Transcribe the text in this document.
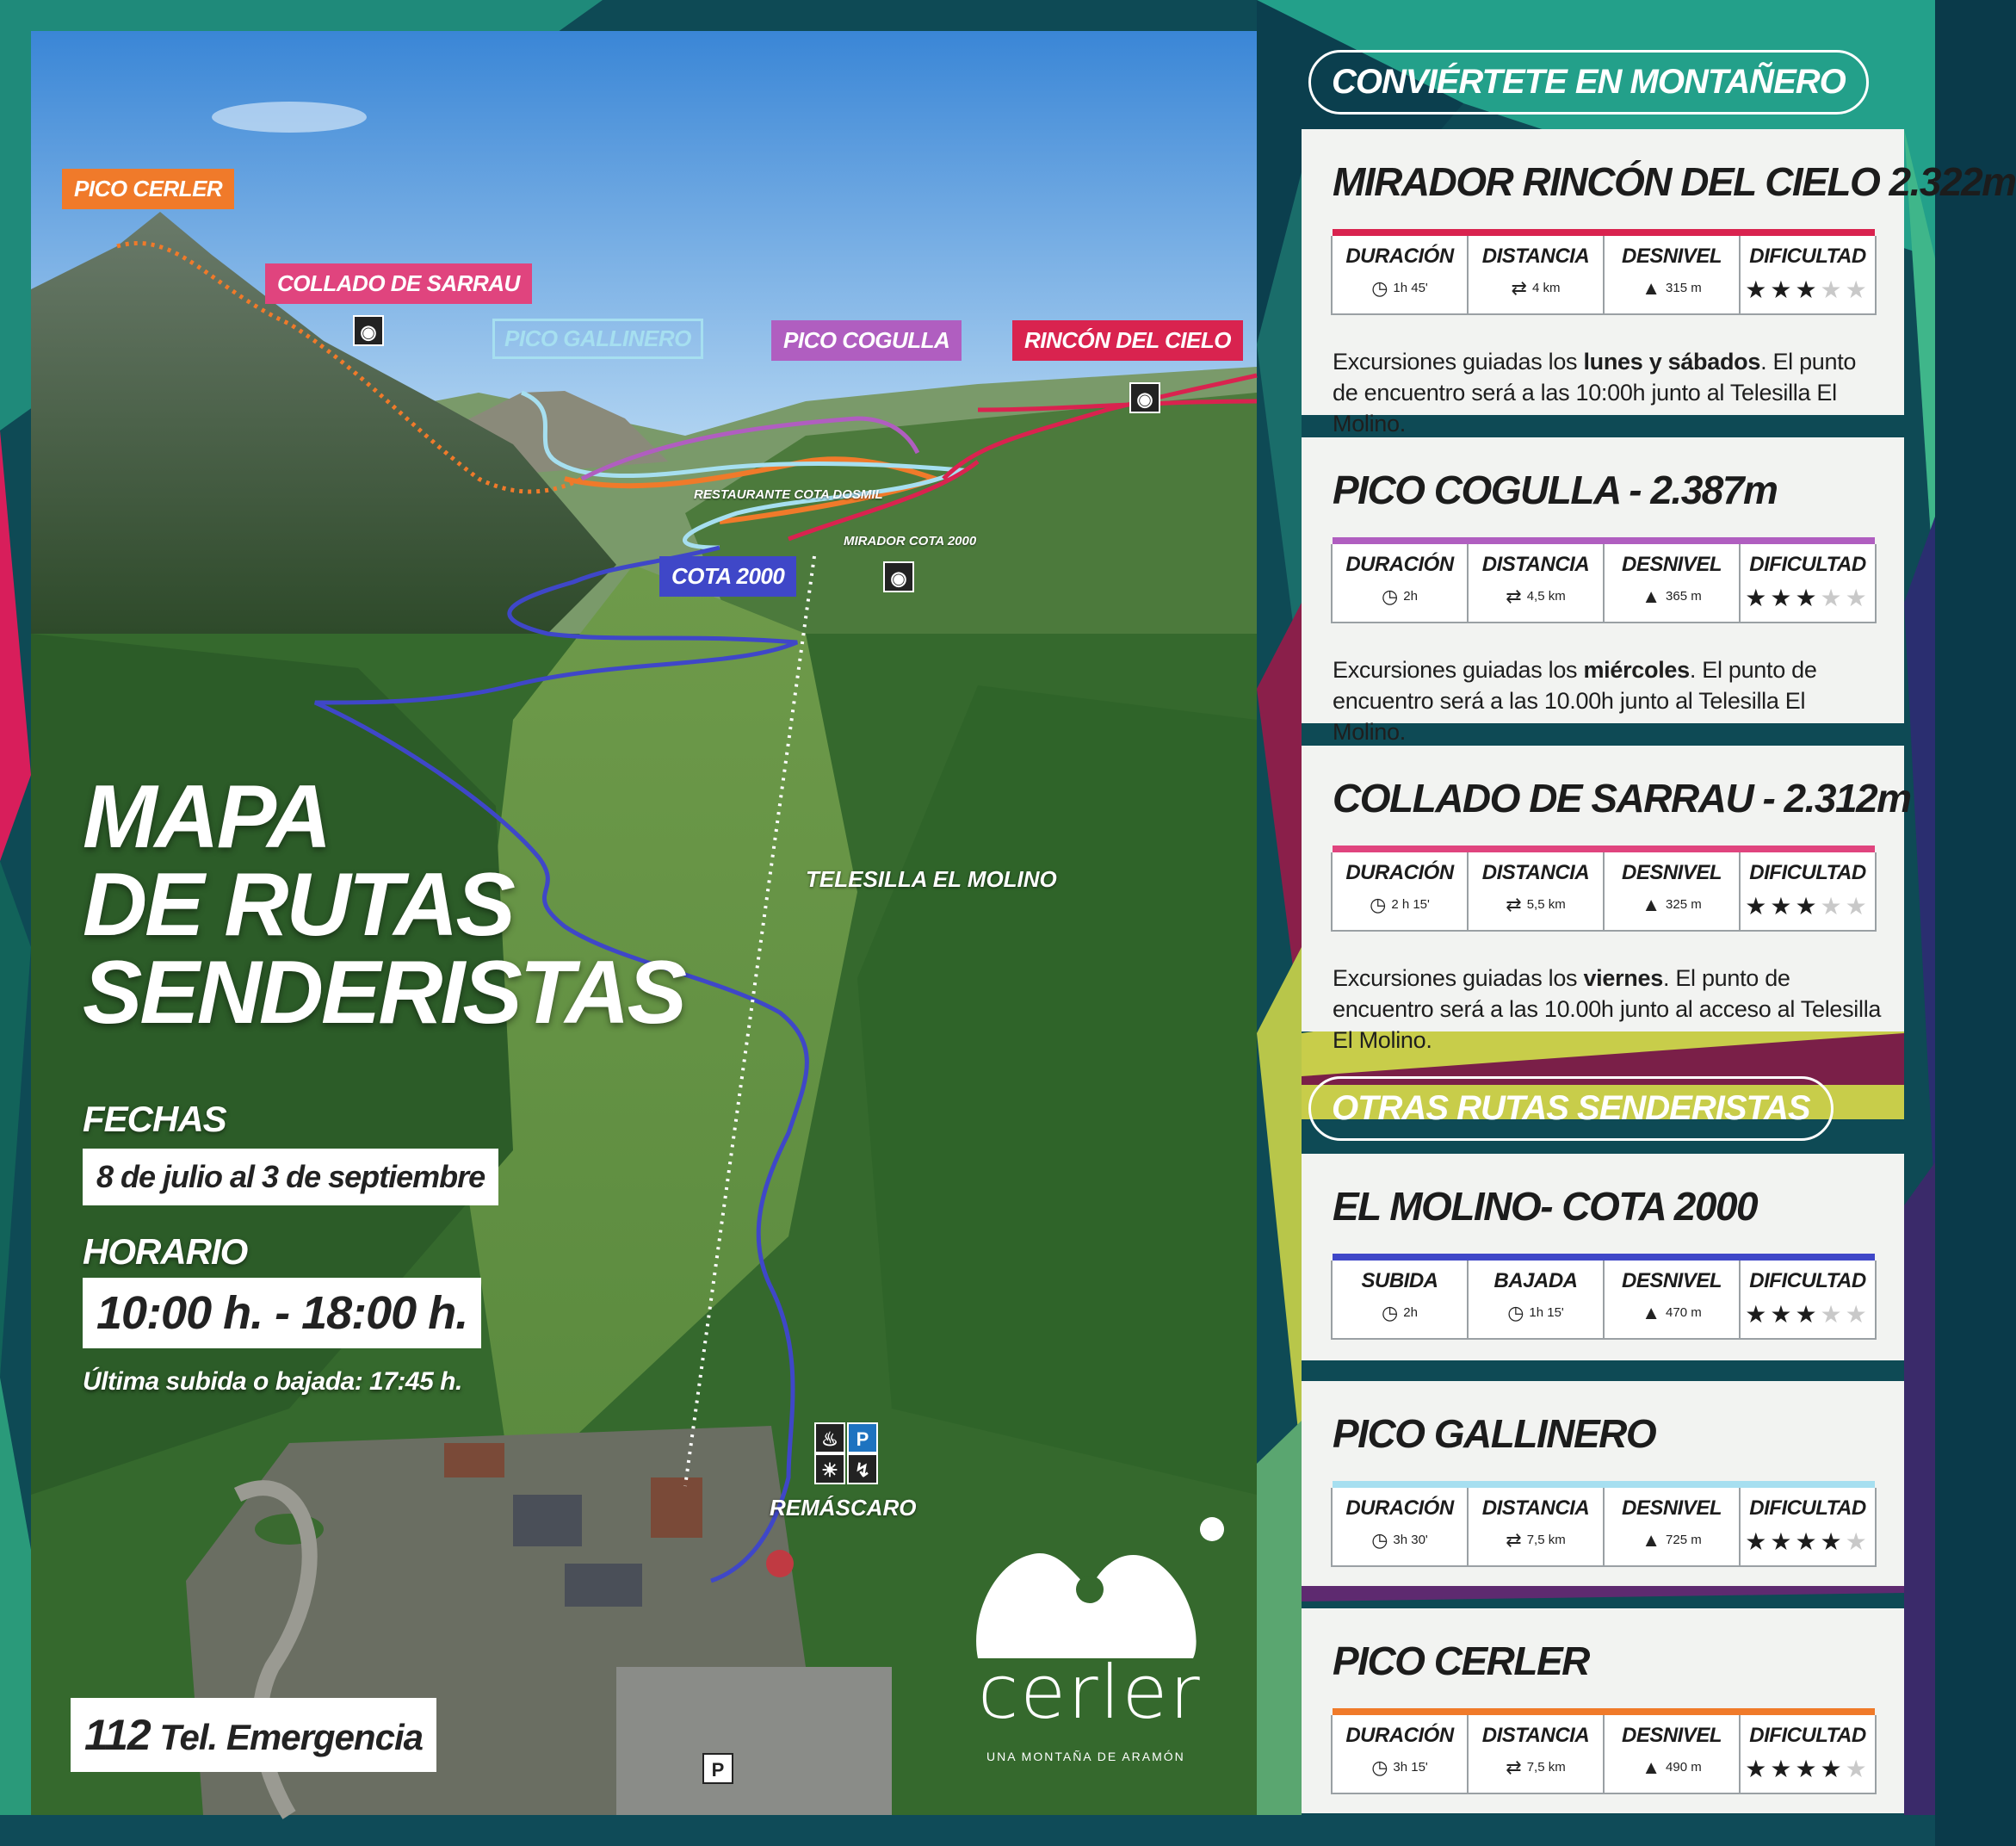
PICO CERLER
COLLADO DE SARRAU
PICO GALLINERO	PICO COGULLA	RINCÓN DEL CIELO
COTA 2000
◉
◉
◉
RESTAURANTE COTA DOSMIL
MIRADOR COTA 2000
TELESILLA EL MOLINO
REMÁSCARO
♨ P
☀ ↯
P
MAPA
DE RUTAS
SENDERISTAS
FECHAS
8 de julio al 3 de septiembre
HORARIO
10:00 h. - 18:00 h.
Última subida o bajada: 17:45 h.
112 Tel. Emergencia
cerler
UNA MONTAÑA DE ARAMÓN
CONVIÉRTETE EN MONTAÑERO
OTRAS RUTAS SENDERISTAS
MIRADOR RINCÓN DEL CIELO 2.322m
DURACIÓN
◷ 1h 45'
DISTANCIA
⇄ 4 km
DESNIVEL
▲ 315 m
DIFICULTAD
★★★★★
Excursiones guiadas los lunes y sábados. El punto de encuentro será a las 10:00h junto al Telesilla El Molino.
PICO COGULLA - 2.387m
DURACIÓN
◷ 2h
DISTANCIA
⇄ 4,5 km
DESNIVEL
▲ 365 m
DIFICULTAD
★★★★★
Excursiones guiadas los miércoles. El punto de encuentro será a las 10.00h junto al Telesilla El Molino.
COLLADO DE SARRAU - 2.312m
DURACIÓN
◷ 2 h 15'
DISTANCIA
⇄ 5,5 km
DESNIVEL
▲ 325 m
DIFICULTAD
★★★★★
Excursiones guiadas los viernes. El punto de encuentro será a las 10.00h junto al acceso al Telesilla El Molino.
EL MOLINO- COTA 2000
SUBIDA
◷ 2h
BAJADA
◷ 1h 15'
DESNIVEL
▲ 470 m
DIFICULTAD
★★★★★
PICO GALLINERO
DURACIÓN
◷ 3h 30'
DISTANCIA
⇄ 7,5 km
DESNIVEL
▲ 725 m
DIFICULTAD
★★★★★
PICO CERLER
DURACIÓN
◷ 3h 15'
DISTANCIA
⇄ 7,5 km
DESNIVEL
▲ 490 m
DIFICULTAD
★★★★★
